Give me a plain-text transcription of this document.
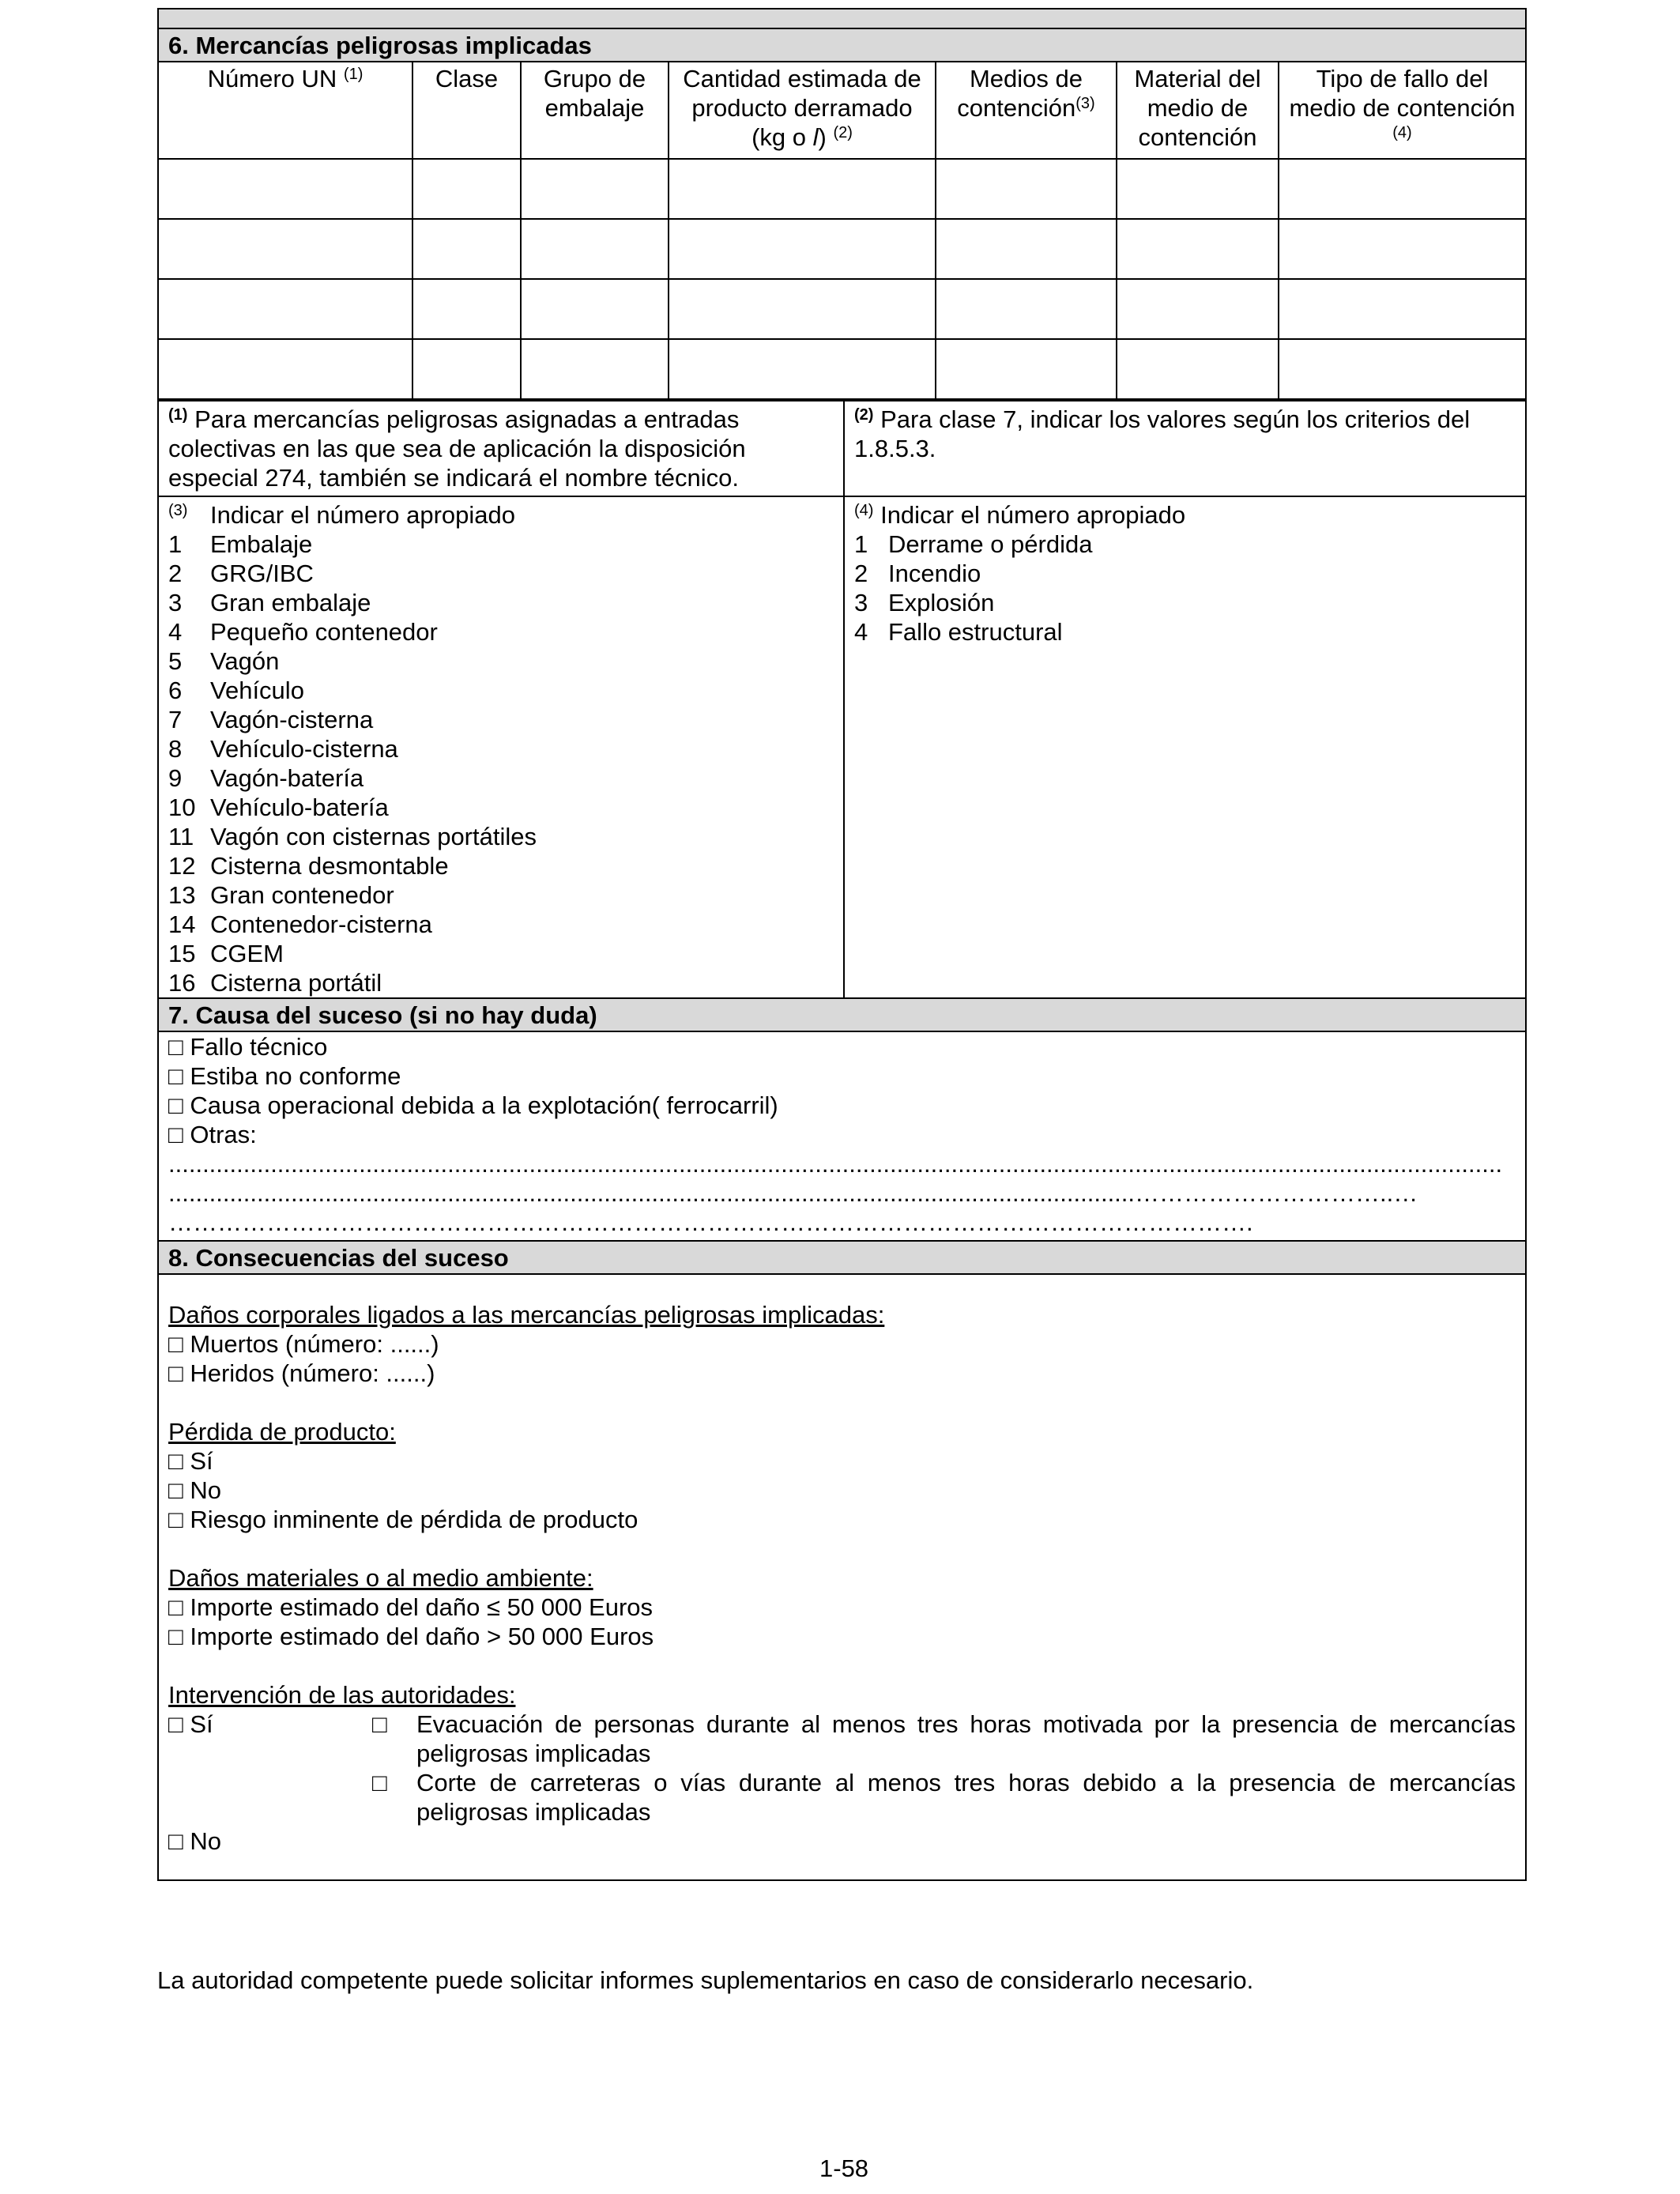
6. Mercancías peligrosas implicadas
Número UN $^{(1)}$	Clase	Grupo de embalaje	Cantidad estimada de producto derramado (kg o l) $^{(2)}$	Medios de contención$^{(3)}$	Material del medio de contención	Tipo de fallo del medio de contención $^{(4)}$

$^{(1)}$ Para mercancías peligrosas asignadas a entradas colectivas en las que sea de aplicación la disposición especial 274, también se indicará el nombre técnico.
$^{(2)}$ Para clase 7, indicar los valores según los criterios del 1.8.5.3.
$^{(3)}$ Indicar el número apropiado
1	Embalaje
2	GRG/IBC
3	Gran embalaje
4	Pequeño contenedor
5	Vagón
6	Vehículo
7	Vagón-cisterna
8	Vehículo-cisterna
9	Vagón-batería
10 Vehículo-batería
11 Vagón con cisternas portátiles
12 Cisterna desmontable
13 Gran contenedor
14 Contenedor-cisterna
15 CGEM
16 Cisterna portátil
$^{(4)}$ Indicar el número apropiado
1 Derrame o pérdida
2 Incendio
3 Explosión
4 Fallo estructural
7. Causa del suceso (si no hay duda)
□ Fallo técnico
□ Estiba no conforme
□ Causa operacional debida a la explotación( ferrocarril)
□ Otras:
....................................................................................................................................................................................................
..............................................................................................................................................…………………………..…
…………………………………………………………………………………………………………………….
8. Consecuencias del suceso
Daños corporales ligados a las mercancías peligrosas implicadas:
□ Muertos (número: ......)
□ Heridos (número: ......)
Pérdida de producto:
□ Sí
□ No
□ Riesgo inminente de pérdida de producto
Daños materiales o al medio ambiente:
□ Importe estimado del daño ≤ 50 000 Euros
□ Importe estimado del daño > 50 000 Euros
Intervención de las autoridades:
□ Sí	□	Evacuación de personas durante al menos tres horas motivada por la presencia de mercancías peligrosas implicadas
□	Corte de carreteras o vías durante al menos tres horas debido a la presencia de mercancías peligrosas implicadas
□ No
La autoridad competente puede solicitar informes suplementarios en caso de considerarlo necesario.
1-58
